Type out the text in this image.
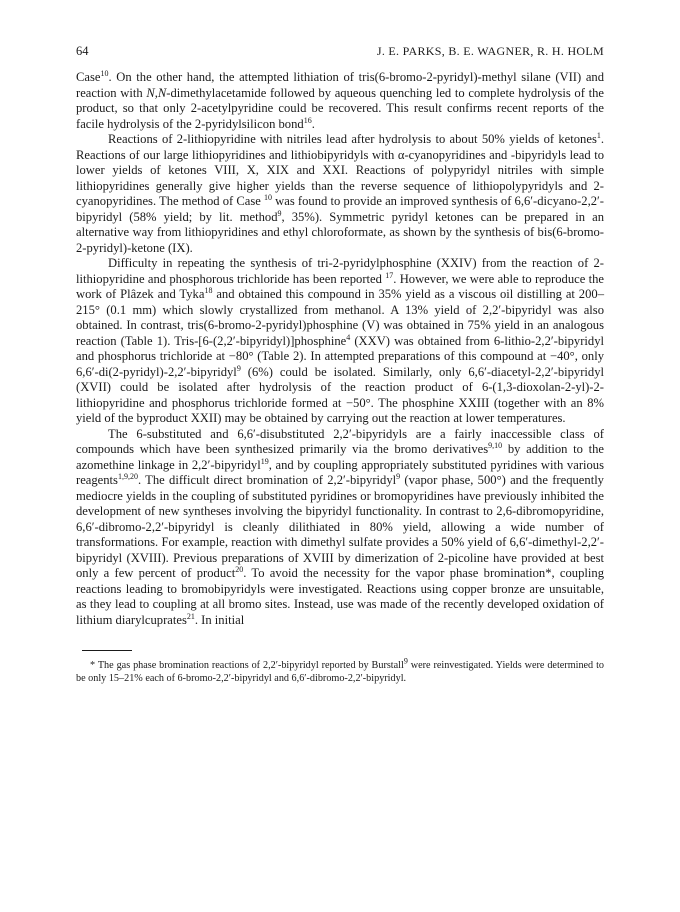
64	J. E. PARKS, B. E. WAGNER, R. H. HOLM

Case$^{10}$. On the other hand, the attempted lithiation of tris(6-bromo-2-pyridyl)-methyl silane (VII) and reaction with N,N-dimethylacetamide followed by aqueous quenching led to complete hydrolysis of the product, so that only 2-acetylpyridine could be recovered. This result confirms recent reports of the facile hydrolysis of the 2-pyridylsilicon bond$^{16}$.

Reactions of 2-lithiopyridine with nitriles lead after hydrolysis to about 50% yields of ketones$^1$. Reactions of our large lithiopyridines and lithiobipyridyls with α-cyanopyridines and -bipyridyls lead to lower yields of ketones VIII, X, XIX and XXI. Reactions of polypyridyl nitriles with simple lithiopyridines generally give higher yields than the reverse sequence of lithiopolypyridyls and 2-cyanopyridines. The method of Case $^{10}$ was found to provide an improved synthesis of 6,6′-dicyano-2,2′-bipyridyl (58% yield; by lit. method$^9$, 35%). Symmetric pyridyl ketones can be prepared in an alternative way from lithiopyridines and ethyl chloroformate, as shown by the synthesis of bis(6-bromo-2-pyridyl)-ketone (IX).

Difficulty in repeating the synthesis of tri-2-pyridylphosphine (XXIV) from the reaction of 2-lithiopyridine and phosphorous trichloride has been reported $^{17}$. However, we were able to reproduce the work of Plâzek and Tyka$^{18}$ and obtained this compound in 35% yield as a viscous oil distilling at 200–215° (0.1 mm) which slowly crystallized from methanol. A 13% yield of 2,2′-bipyridyl was also obtained. In contrast, tris(6-bromo-2-pyridyl)phosphine (V) was obtained in 75% yield in an analogous reaction (Table 1). Tris-[6-(2,2′-bipyridyl)]phosphine$^4$ (XXV) was obtained from 6-lithio-2,2′-bipyridyl and phosphorus trichloride at −80° (Table 2). In attempted preparations of this compound at −40°, only 6,6′-di(2-pyridyl)-2,2′-bipyridyl$^9$ (6%) could be isolated. Similarly, only 6,6′-diacetyl-2,2′-bipyridyl (XVII) could be isolated after hydrolysis of the reaction product of 6-(1,3-dioxolan-2-yl)-2-lithiopyridine and phosphorus trichloride formed at −50°. The phosphine XXIII (together with an 8% yield of the byproduct XXII) may be obtained by carrying out the reaction at lower temperatures.

The 6-substituted and 6,6′-disubstituted 2,2′-bipyridyls are a fairly inaccessible class of compounds which have been synthesized primarily via the bromo derivatives$^{9,10}$ by addition to the azomethine linkage in 2,2′-bipyridyl$^{19}$, and by coupling appropriately substituted pyridines with various reagents$^{1,9,20}$. The difficult direct bromination of 2,2′-bipyridyl$^9$ (vapor phase, 500°) and the frequently mediocre yields in the coupling of substituted pyridines or bromopyridines have previously inhibited the development of new syntheses involving the bipyridyl functionality. In contrast to 2,6-dibromopyridine, 6,6′-dibromo-2,2′-bipyridyl is cleanly dilithiated in 80% yield, allowing a wide number of transformations. For example, reaction with dimethyl sulfate provides a 50% yield of 6,6′-dimethyl-2,2′-bipyridyl (XVIII). Previous preparations of XVIII by dimerization of 2-picoline have provided at best only a few percent of product$^{20}$. To avoid the necessity for the vapor phase bromination*, coupling reactions leading to bromobipyridyls were investigated. Reactions using copper bronze are unsuitable, as they lead to coupling at all bromo sites. Instead, use was made of the recently developed oxidation of lithium diarylcuprates$^{21}$. In initial

* The gas phase bromination reactions of 2,2′-bipyridyl reported by Burstall$^9$ were reinvestigated. Yields were determined to be only 15–21% each of 6-bromo-2,2′-bipyridyl and 6,6′-dibromo-2,2′-bipyridyl.
